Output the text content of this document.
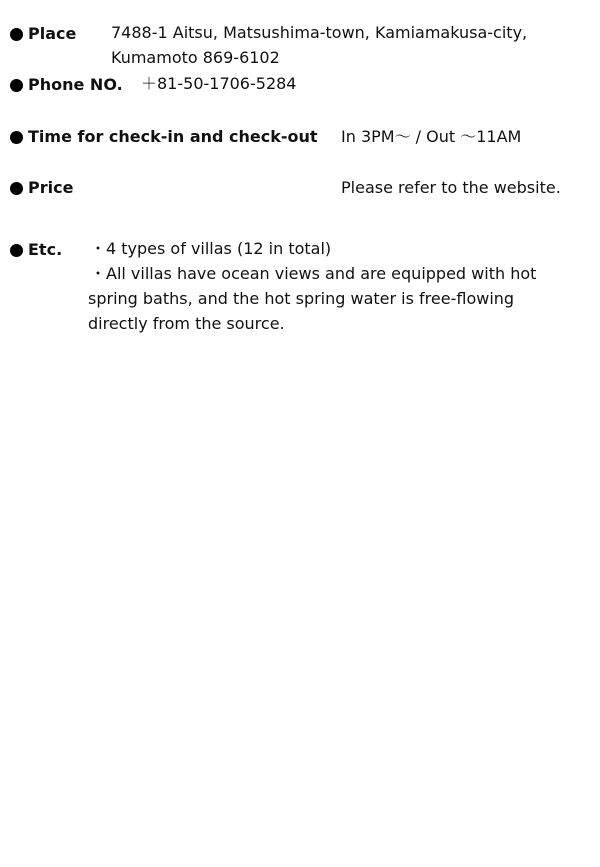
Place 7488-1 Aitsu, Matsushima-town, Kamiamakusa-city,
Kumamoto 869-6102
Phone NO. ＋81-50-1706-5284
Time for check-in and check-out In 3PM～ / Out ～11AM
Price	Please refer to the website.
Etc. ・4 types of villas (12 in total)
・All villas have ocean views and are equipped with hot
spring baths, and the hot spring water is free-flowing
directly from the source.
